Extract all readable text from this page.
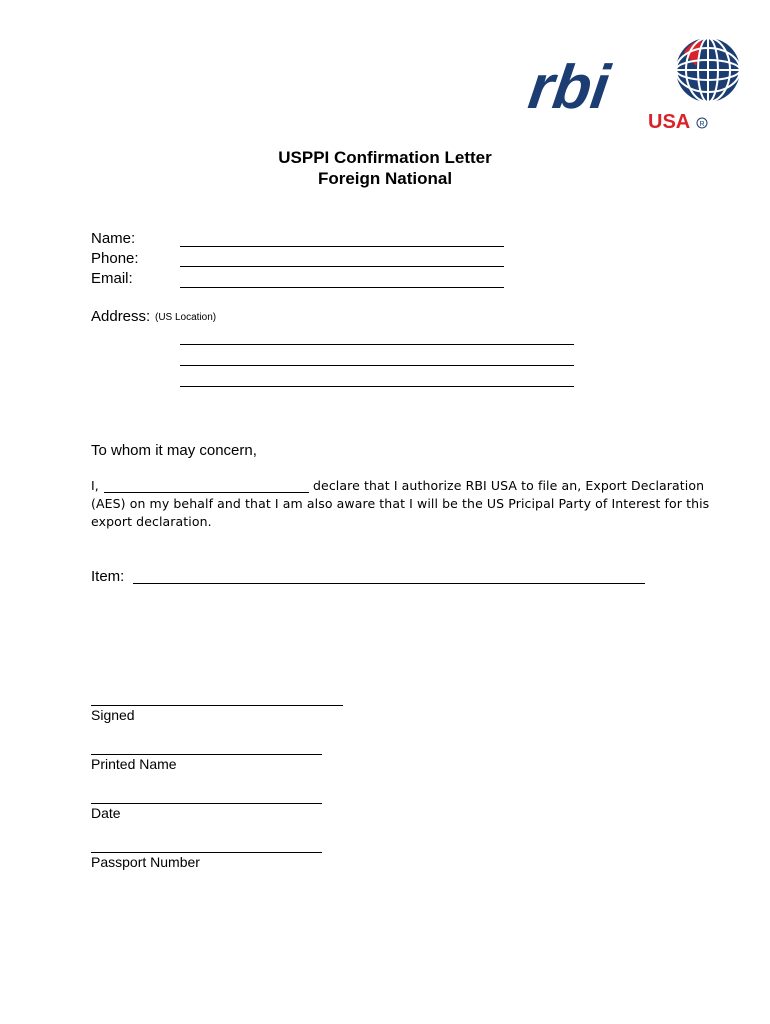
rbi
USA R
USPPI Confirmation Letter
Foreign National
Name:
Phone:
Email:
Address: (US Location)
To whom it may concern,
I,	declare that I authorize RBI USA to file an, Export Declaration
(AES) on my behalf and that I am also aware that I will be the US Pricipal Party of Interest for this
export declaration.
Item:
Signed
Printed Name
Date
Passport Number
